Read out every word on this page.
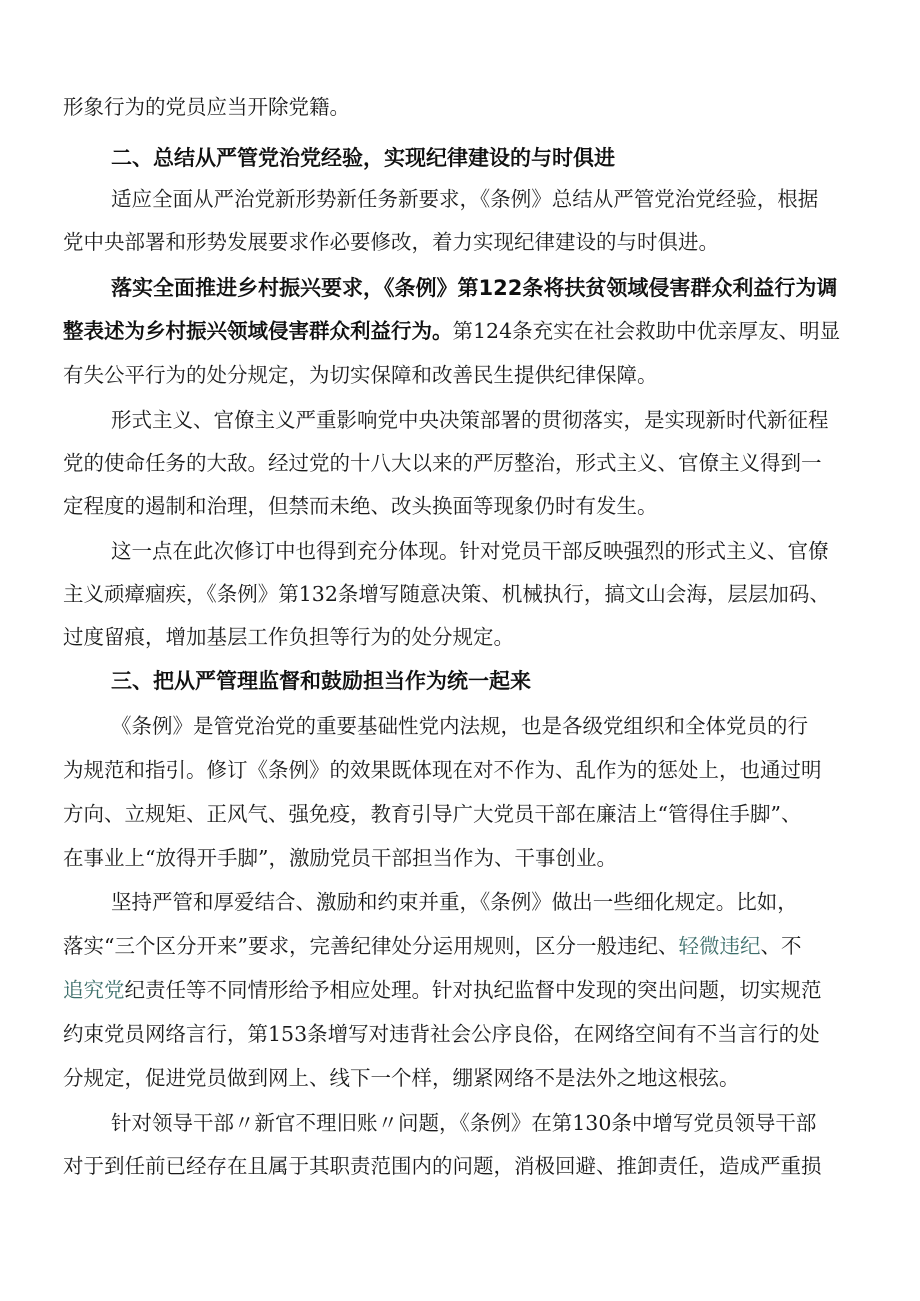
形象行为的党员应当开除党籍。
二、总结从严管党治党经验，实现纪律建设的与时俱进
适应全面从严治党新形势新任务新要求，《条例》总结从严管党治党经验，根据
党中央部署和形势发展要求作必要修改，着力实现纪律建设的与时俱进。
落实全面推进乡村振兴要求，《条例》第122条将扶贫领域侵害群众利益行为调
整表述为乡村振兴领域侵害群众利益行为。第124条充实在社会救助中优亲厚友、明显
有失公平行为的处分规定，为切实保障和改善民生提供纪律保障。
形式主义、官僚主义严重影响党中央决策部署的贯彻落实，是实现新时代新征程
党的使命任务的大敌。经过党的十八大以来的严厉整治，形式主义、官僚主义得到一
定程度的遏制和治理，但禁而未绝、改头换面等现象仍时有发生。
这一点在此次修订中也得到充分体现。针对党员干部反映强烈的形式主义、官僚
主义顽瘴痼疾，《条例》第132条增写随意决策、机械执行，搞文山会海，层层加码、
过度留痕，增加基层工作负担等行为的处分规定。
三、把从严管理监督和鼓励担当作为统一起来
《条例》是管党治党的重要基础性党内法规，也是各级党组织和全体党员的行
为规范和指引。修订《条例》的效果既体现在对不作为、乱作为的惩处上，也通过明
方向、立规矩、正风气、强免疫，教育引导广大党员干部在廉洁上“管得住手脚”、
在事业上“放得开手脚”，激励党员干部担当作为、干事创业。
坚持严管和厚爱结合、激励和约束并重，《条例》做出一些细化规定。比如，
落实“三个区分开来”要求，完善纪律处分运用规则，区分一般违纪、轻微违纪、不
追究党纪责任等不同情形给予相应处理。针对执纪监督中发现的突出问题，切实规范
约束党员网络言行，第153条增写对违背社会公序良俗，在网络空间有不当言行的处
分规定，促进党员做到网上、线下一个样，绷紧网络不是法外之地这根弦。
针对领导干部〃新官不理旧账〃问题，《条例》在第130条中增写党员领导干部
对于到任前已经存在且属于其职责范围内的问题，消极回避、推卸责任，造成严重损
